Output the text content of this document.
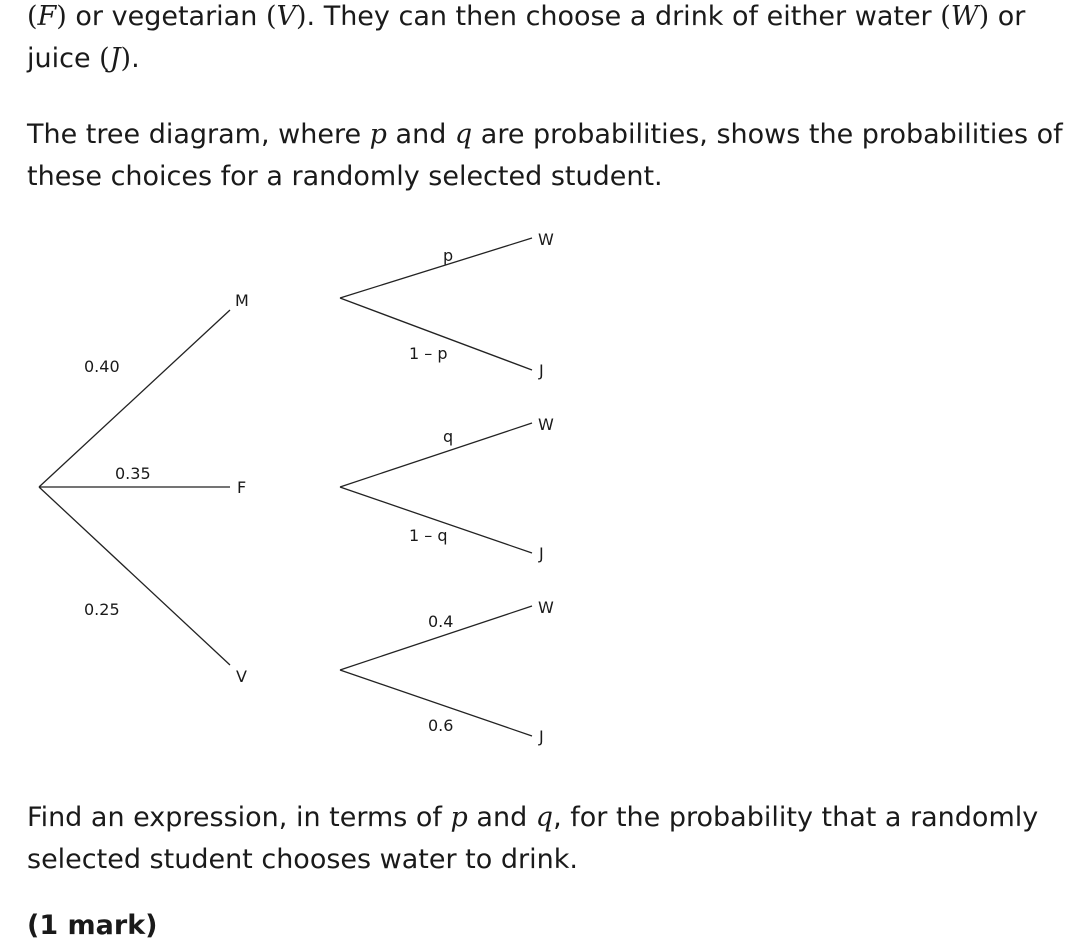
(F) or vegetarian (V). They can then choose a drink of either water (W) or juice (J).

The tree diagram, where p and q are probabilities, shows the probabilities of these choices for a randomly selected student.

0.40
0.35
0.25
M
F
V
p
1 – p
q
1 – q
0.4
0.6
W
J
W
J
W
J

Find an expression, in terms of p and q, for the probability that a randomly selected student chooses water to drink.

(1 mark)
